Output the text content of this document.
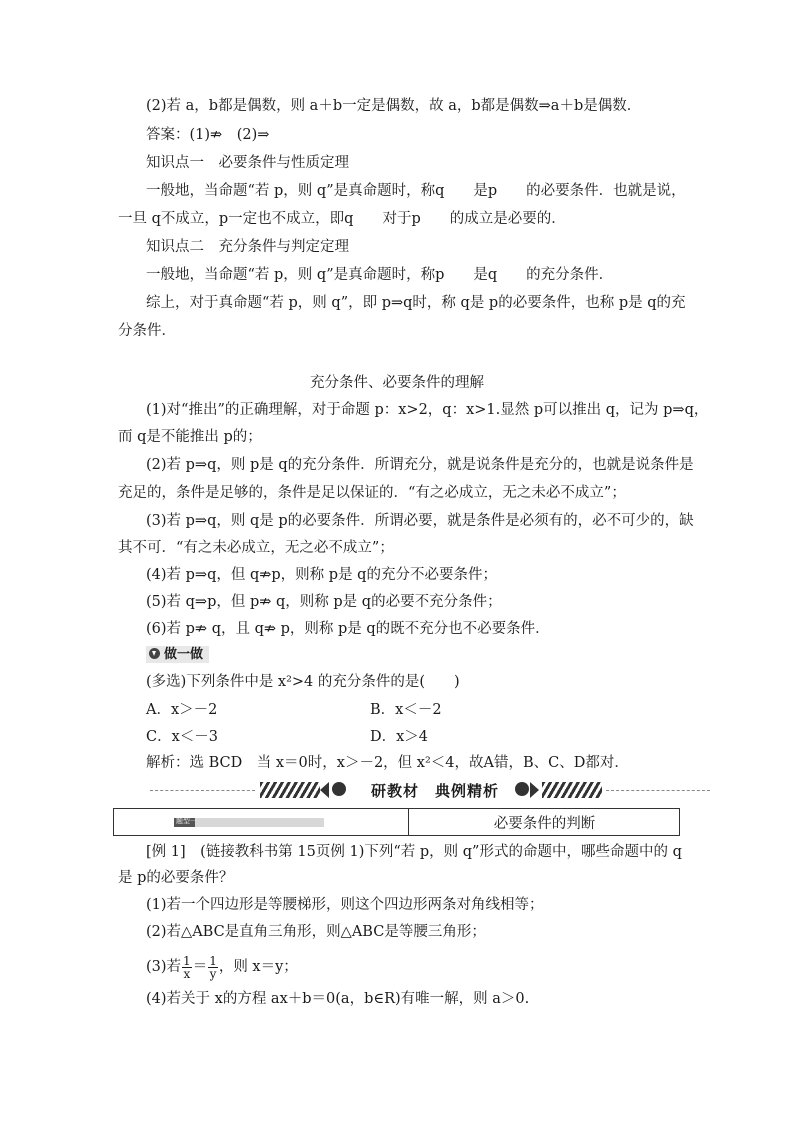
(2)若 a，b都是偶数，则 a＋b一定是偶数，故 a，b都是偶数⇒a＋b是偶数．
答案：(1)⇏　(2)⇒
知识点一　必要条件与性质定理
一般地，当命题“若 p，则 q”是真命题时，称q　　是p　　的必要条件．也就是说，
一旦 q不成立，p一定也不成立，即q　　对于p　　的成立是必要的．
知识点二　充分条件与判定定理
一般地，当命题“若 p，则 q”是真命题时，称p　　是q　　的充分条件．
综上，对于真命题“若 p，则 q”，即 p⇒q时，称 q是 p的必要条件，也称 p是 q的充
分条件．
充分条件、必要条件的理解
(1)对“推出”的正确理解，对于命题 p：x>2，q：x>1.显然 p可以推出 q，记为 p⇒q，
而 q是不能推出 p的；
(2)若 p⇒q，则 p是 q的充分条件．所谓充分，就是说条件是充分的，也就是说条件是
充足的，条件是足够的，条件是足以保证的．“有之必成立，无之未必不成立”；
(3)若 p⇒q，则 q是 p的必要条件．所谓必要，就是条件是必须有的，必不可少的，缺
其不可．“有之未必成立，无之必不成立”；
(4)若 p⇒q，但 q⇏p，则称 p是 q的充分不必要条件；
(5)若 q⇒p，但 p⇏ q，则称 p是 q的必要不充分条件；
(6)若 p⇏ q，且 q⇏ p，则称 p是 q的既不充分也不必要条件．
做一做
(多选)下列条件中是 x²>4 的充分条件的是(　　)
A．x＞－2	B．x＜－2
C．x＜－3	D．x＞4
解析：选 BCD　当 x＝0时，x＞－2，但 x²＜4，故A错，B、C、D都对．
研教材　典例精析
题型一	必要条件的判断
[例 1]　(链接教科书第 15页例 1)下列“若 p，则 q”形式的命题中，哪些命题中的 q
是 p的必要条件？
(1)若一个四边形是等腰梯形，则这个四边形两条对角线相等；
(2)若△ABC是直角三角形，则△ABC是等腰三角形；
(3)若 $\frac{1}{x} = \frac{1}{y}$ ，则 x＝y；
(4)若关于 x的方程 ax＋b＝0(a，b∈R)有唯一解，则 a＞0.
